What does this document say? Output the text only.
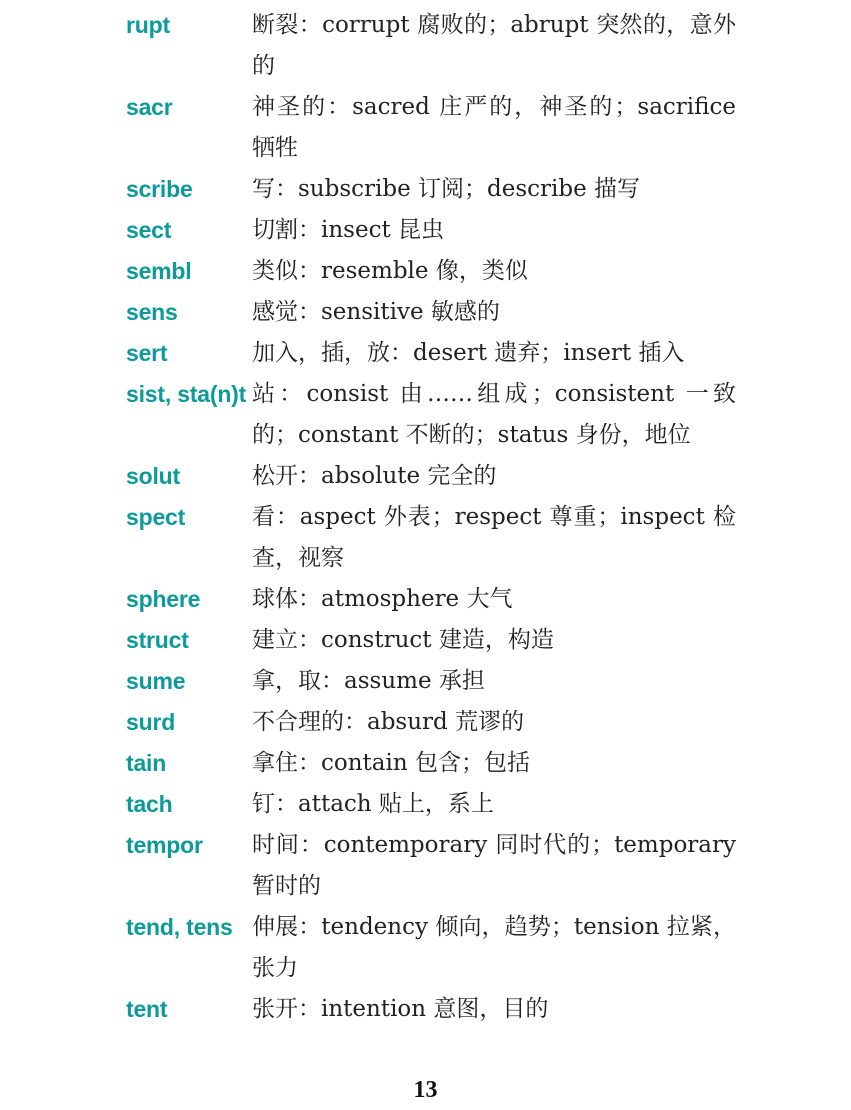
rupt	断裂：corrupt 腐败的；abrupt 突然的，意外的
sacr	神圣的：sacred 庄严的，神圣的；sacrifice 牺牲
scribe	写：subscribe 订阅；describe 描写
sect	切割：insect 昆虫
sembl	类似：resemble 像，类似
sens	感觉：sensitive 敏感的
sert	加入，插，放：desert 遗弃；insert 插入
sist, sta(n)t 站：consist 由……组成；consistent 一致的；constant 不断的；status 身份，地位
solut	松开：absolute 完全的
spect	看：aspect 外表；respect 尊重；inspect 检查，视察
sphere	球体：atmosphere 大气
struct	建立：construct 建造，构造
sume	拿，取：assume 承担
surd	不合理的：absurd 荒谬的
tain	拿住：contain 包含；包括
tach	钉：attach 贴上，系上
tempor	时间：contemporary 同时代的；temporary 暂时的
tend, tens 伸展：tendency 倾向，趋势；tension 拉紧，张力
tent	张开：intention 意图，目的
13
